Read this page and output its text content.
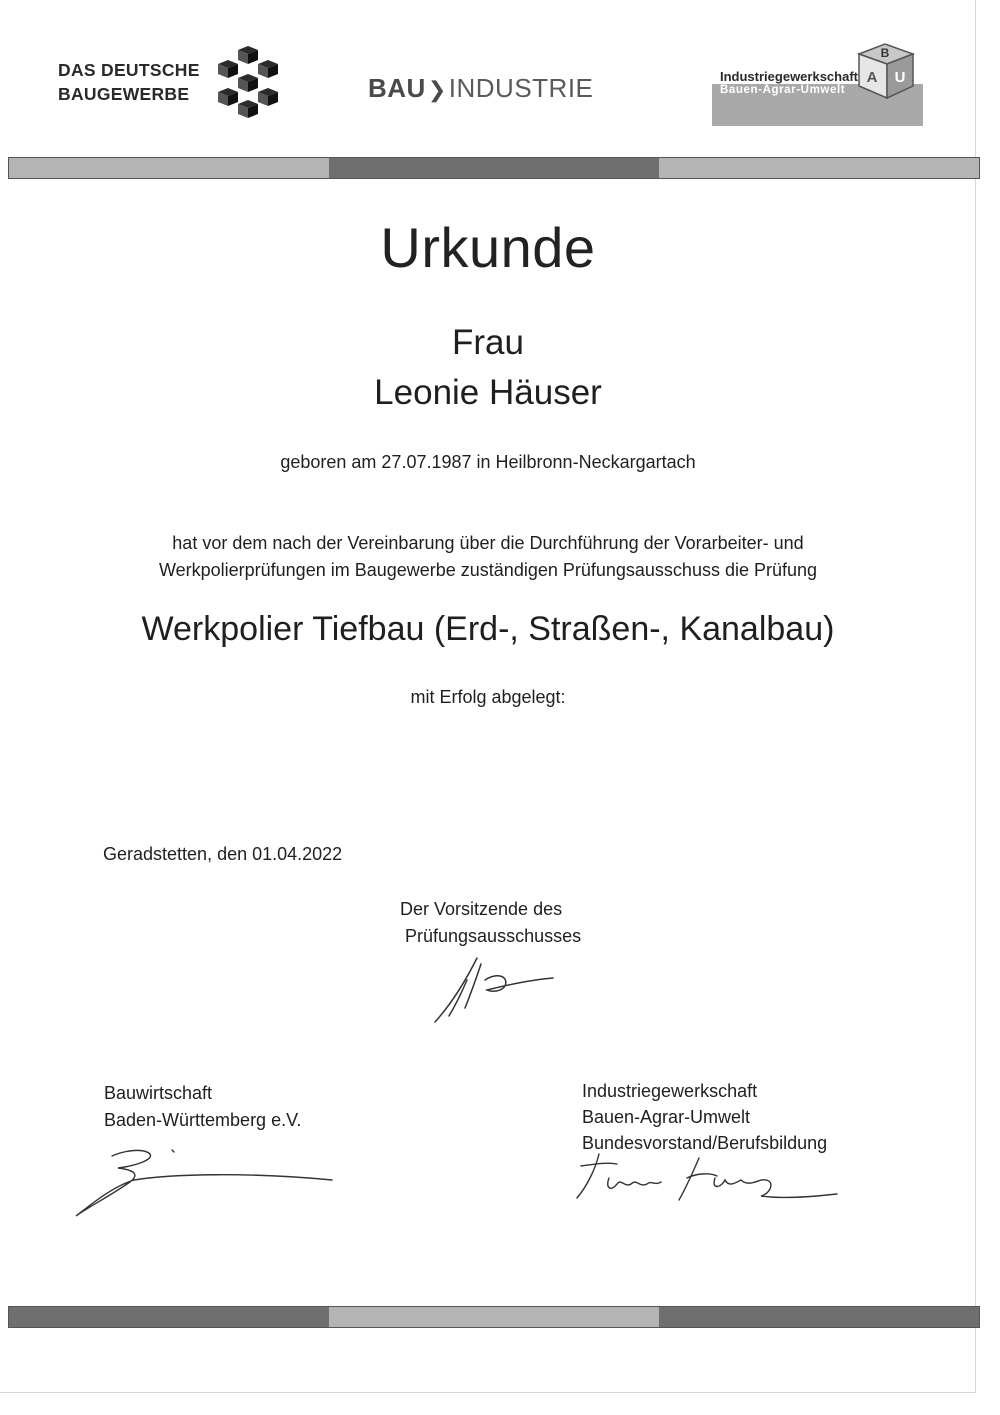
DAS DEUTSCHE
BAUGEWERBE	BAU❯INDUSTRIE	Industriegewerkschaft
Bauen-Agrar-Umwelt
B
A U
Urkunde
Frau
Leonie Häuser
geboren am 27.07.1987 in Heilbronn-Neckargartach
hat vor dem nach der Vereinbarung über die Durchführung der Vorarbeiter- und
Werkpolierprüfungen im Baugewerbe zuständigen Prüfungsausschuss die Prüfung
Werkpolier Tiefbau (Erd-, Straßen-, Kanalbau)
mit Erfolg abgelegt:
Geradstetten, den 01.04.2022
Der Vorsitzende des
Prüfungsausschusses
Bauwirtschaft
Baden-Württemberg e.V.
Industriegewerkschaft
Bauen-Agrar-Umwelt
Bundesvorstand/Berufsbildung
